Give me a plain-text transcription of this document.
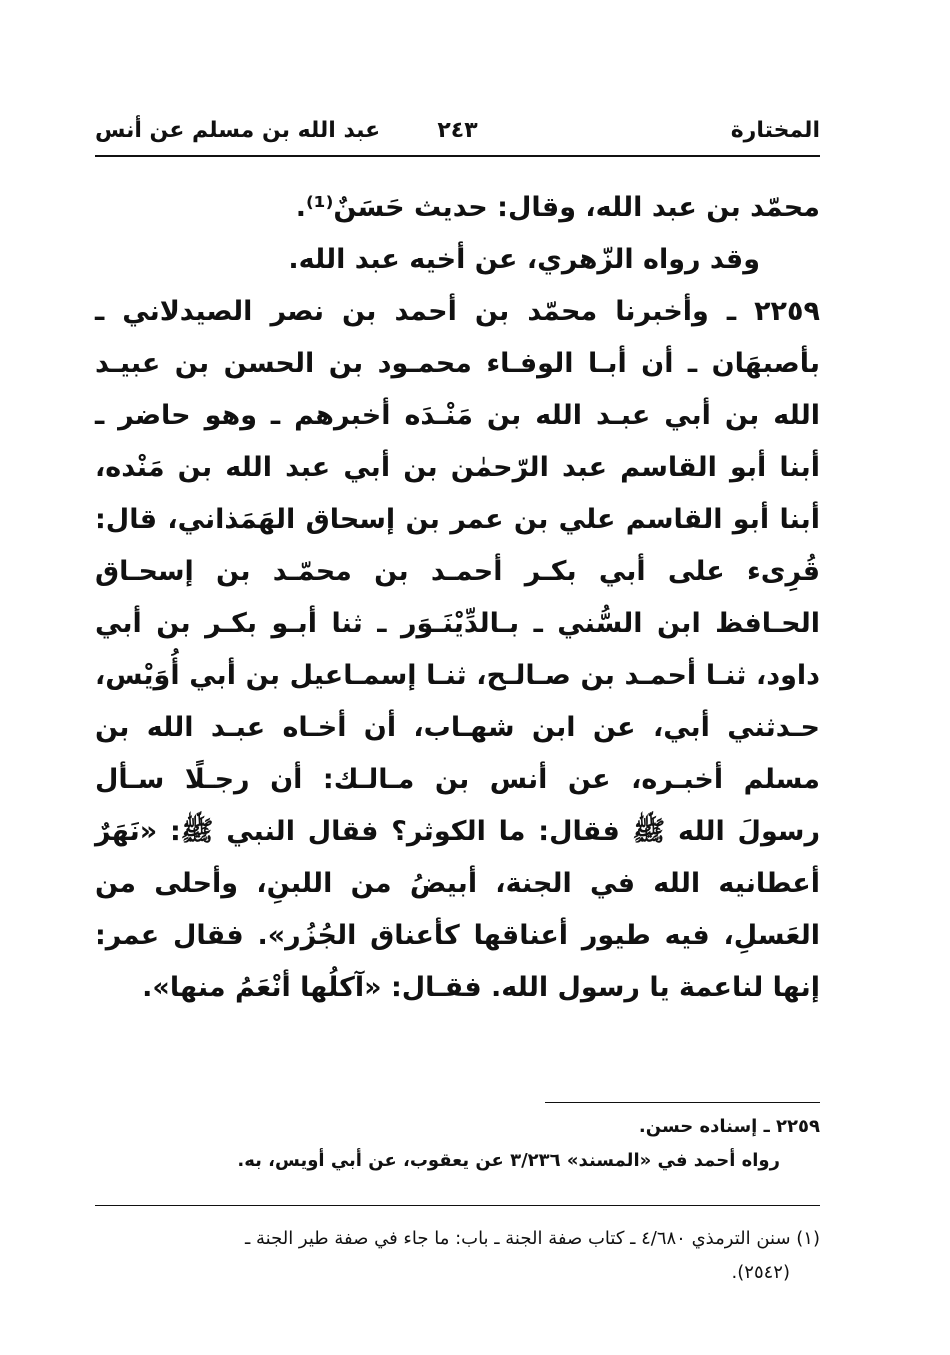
المختارة
٢٤٣
عبد الله بن مسلم عن أنس

محمّد بن عبد الله، وقال: حديث حَسَنٌ⁽¹⁾.

وقد رواه الزّهري، عن أخيه عبد الله.

٢٢٥٩ ـ وأخبرنا محمّد بن أحمد بن نصر الصيدلاني ـ بأصبهَان ـ أن أبـا الوفـاء محمـود بن الحسن بن عبيـد الله بن أبي عبـد الله بن مَنْـدَه أخبرهم ـ وهو حاضر ـ أبنا أبو القاسم عبد الرّحمٰن بن أبي عبد الله بن مَنْده، أبنا أبو القاسم علي بن عمر بن إسحاق الهَمَذاني، قال: قُرِىء على أبي بكـر أحمـد بن محمّـد بن إسحـاق الحـافظ ابن السُّني ـ بـالدِّيْنَـوَر ـ ثنا أبـو بكـر بن أبي داود، ثنـا أحمـد بن صـالـح، ثنـا إسمـاعيل بن أبي أُوَيْس، حـدثني أبي، عن ابن شهـاب، أن أخـاه عبـد الله بن مسلم أخبـره، عن أنس بن مـالـك: أن رجـلًا سـأل رسولَ الله ﷺ فقال: ما الكوثر؟ فقال النبي ﷺ: «نَهَرٌ أعطانيه الله في الجنة، أبيضُ من اللبنِ، وأحلى من العَسلِ، فيه طيور أعناقها كأعناق الجُزُر». فقال عمر: إنها لناعمة يا رسول الله. فقـال: «آكلُها أنْعَمُ منها».

٢٢٥٩ ـ إسناده حسن.

رواه أحمد في «المسند» ٣/٢٣٦ عن يعقوب، عن أبي أويس، به.

(١) سنن الترمذي ٤/٦٨٠ ـ كتاب صفة الجنة ـ باب: ما جاء في صفة طير الجنة ـ

(٢٥٤٢).
